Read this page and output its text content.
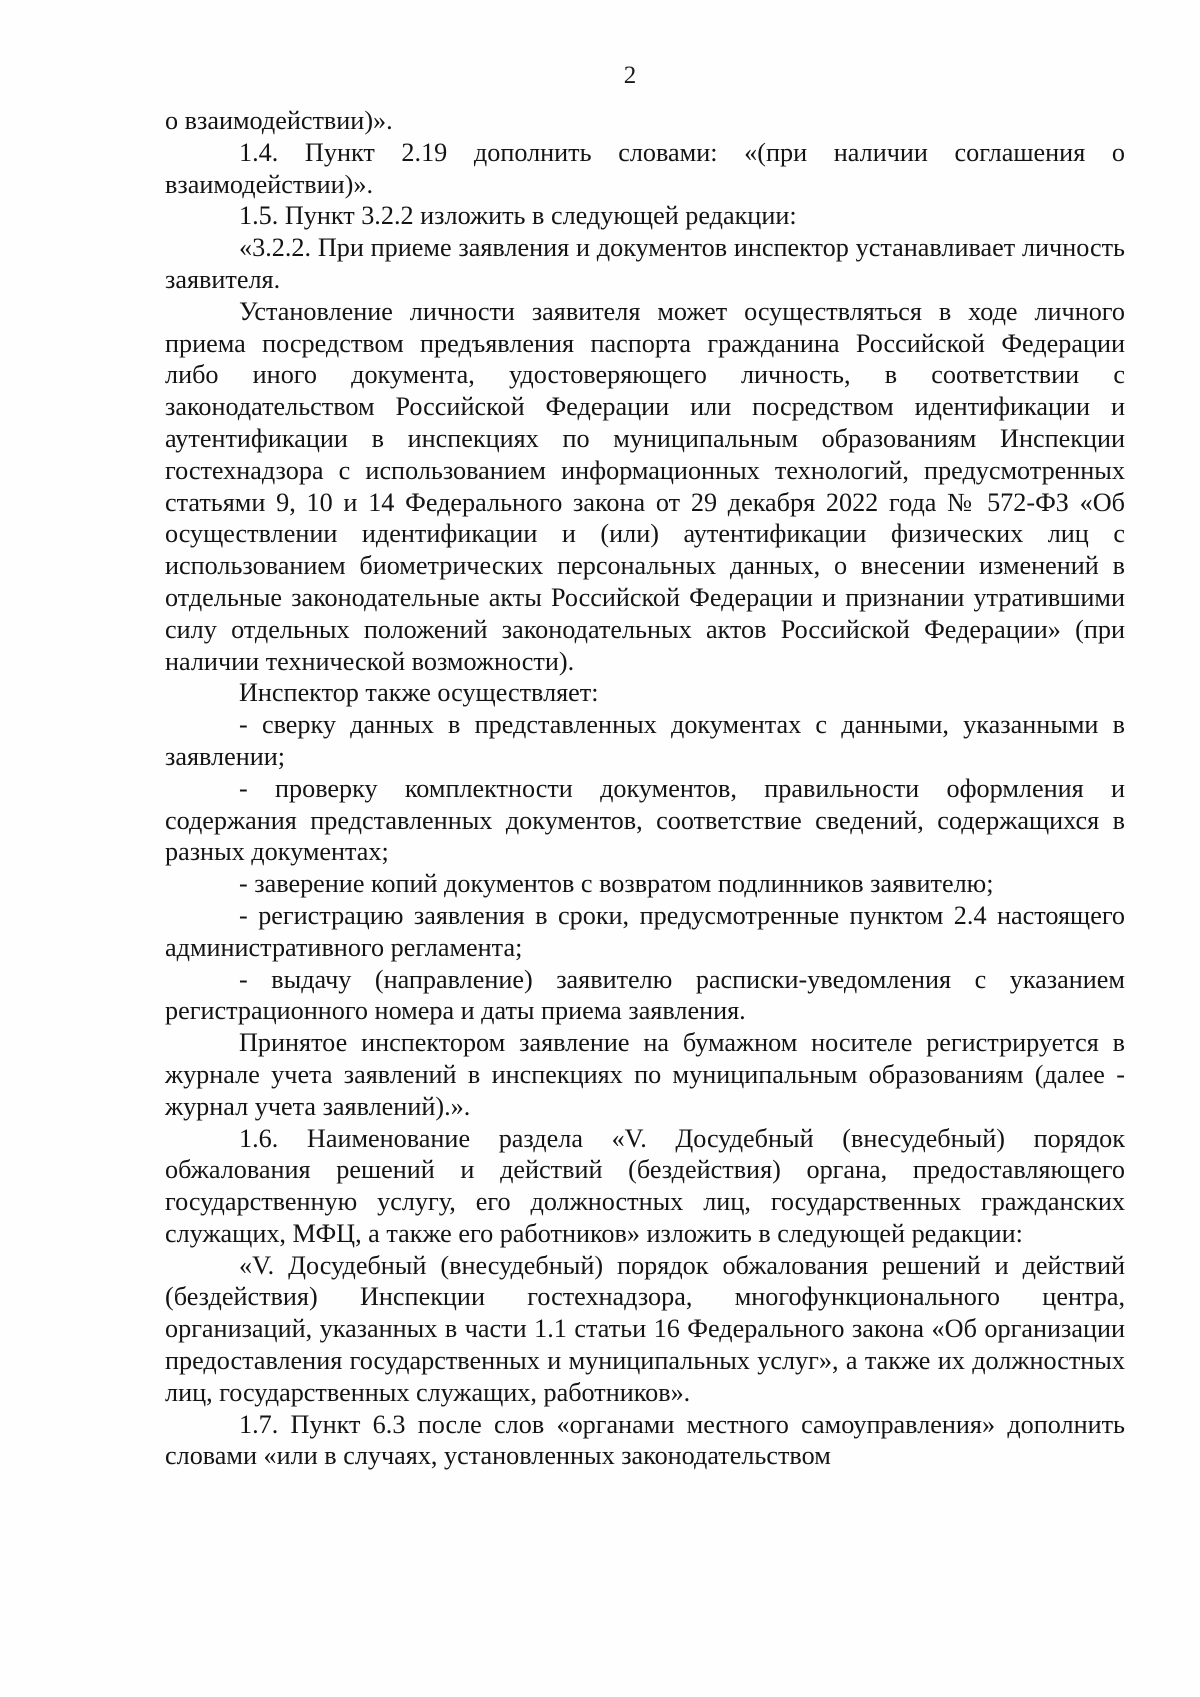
2

о взаимодействии)».

1.4. Пункт 2.19 дополнить словами: «(при наличии соглашения о взаимодействии)».

1.5. Пункт 3.2.2 изложить в следующей редакции:

«3.2.2. При приеме заявления и документов инспектор устанавливает личность заявителя.

Установление личности заявителя может осуществляться в ходе личного приема посредством предъявления паспорта гражданина Российской Федерации либо иного документа, удостоверяющего личность, в соответствии с законодательством Российской Федерации или посредством идентификации и аутентификации в инспекциях по муниципальным образованиям Инспекции гостехнадзора с использованием информационных технологий, предусмотренных статьями 9, 10 и 14 Федерального закона от 29 декабря 2022 года № 572-ФЗ «Об осуществлении идентификации и (или) аутентификации физических лиц с использованием биометрических персональных данных, о внесении изменений в отдельные законодательные акты Российской Федерации и признании утратившими силу отдельных положений законодательных актов Российской Федерации» (при наличии технической возможности).

Инспектор также осуществляет:

- сверку данных в представленных документах с данными, указанными в заявлении;

- проверку комплектности документов, правильности оформления и содержания представленных документов, соответствие сведений, содержащихся в разных документах;

- заверение копий документов с возвратом подлинников заявителю;

- регистрацию заявления в сроки, предусмотренные пунктом 2.4 настоящего административного регламента;

- выдачу (направление) заявителю расписки-уведомления с указанием регистрационного номера и даты приема заявления.

Принятое инспектором заявление на бумажном носителе регистрируется в журнале учета заявлений в инспекциях по муниципальным образованиям (далее - журнал учета заявлений).».

1.6. Наименование раздела «V. Досудебный (внесудебный) порядок обжалования решений и действий (бездействия) органа, предоставляющего государственную услугу, его должностных лиц, государственных гражданских служащих, МФЦ, а также его работников» изложить в следующей редакции:

«V. Досудебный (внесудебный) порядок обжалования решений и действий (бездействия) Инспекции гостехнадзора, многофункционального центра, организаций, указанных в части 1.1 статьи 16 Федерального закона «Об организации предоставления государственных и муниципальных услуг», а также их должностных лиц, государственных служащих, работников».

1.7. Пункт 6.3 после слов «органами местного самоуправления» дополнить словами «или в случаях, установленных законодательством
